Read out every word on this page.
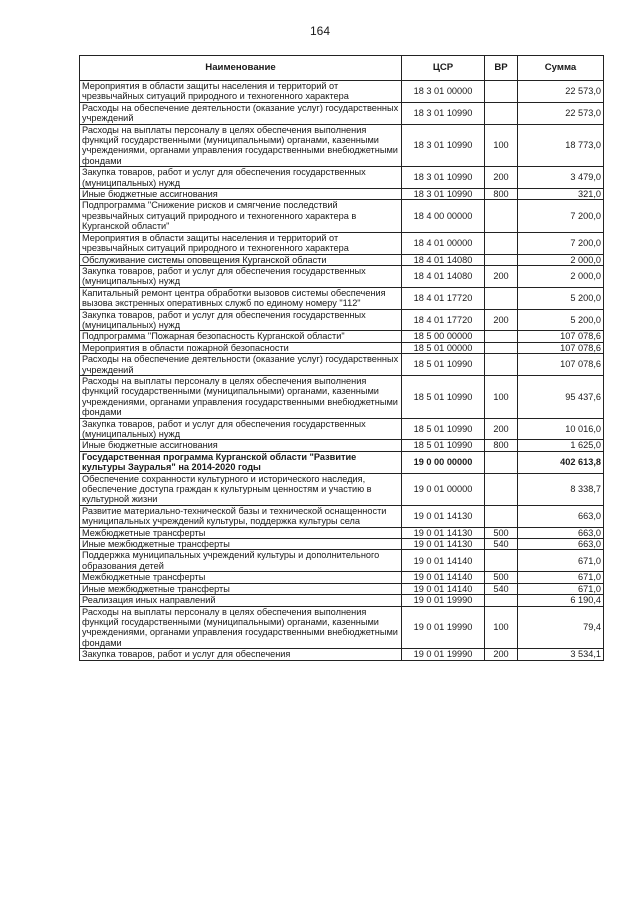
164
Наименование	ЦСР	ВР	Сумма
Мероприятия в области защиты населения и территорий от чрезвычайных ситуаций природного и техногенного характера	18 3 01 00000		22 573,0
Расходы на обеспечение деятельности (оказание услуг) государственных учреждений	18 3 01 10990		22 573,0
Расходы на выплаты персоналу в целях обеспечения выполнения функций государственными (муниципальными) органами, казенными учреждениями, органами управления государственными внебюджетными фондами	18 3 01 10990	100	18 773,0
Закупка товаров, работ и услуг для обеспечения государственных (муниципальных) нужд	18 3 01 10990	200	3 479,0
Иные бюджетные ассигнования	18 3 01 10990	800	321,0
Подпрограмма "Снижение рисков и смягчение последствий чрезвычайных ситуаций природного и техногенного характера в Курганской области"	18 4 00 00000		7 200,0
Мероприятия в области защиты населения и территорий от чрезвычайных ситуаций природного и техногенного характера	18 4 01 00000		7 200,0
Обслуживание системы оповещения Курганской области	18 4 01 14080		2 000,0
Закупка товаров, работ и услуг для обеспечения государственных (муниципальных) нужд	18 4 01 14080	200	2 000,0
Капитальный ремонт центра обработки вызовов системы обеспечения вызова экстренных оперативных служб по единому номеру "112"	18 4 01 17720		5 200,0
Закупка товаров, работ и услуг для обеспечения государственных (муниципальных) нужд	18 4 01 17720	200	5 200,0
Подпрограмма "Пожарная безопасность Курганской области"	18 5 00 00000		107 078,6
Мероприятия в области пожарной безопасности	18 5 01 00000		107 078,6
Расходы на обеспечение деятельности (оказание услуг) государственных учреждений	18 5 01 10990		107 078,6
Расходы на выплаты персоналу в целях обеспечения выполнения функций государственными (муниципальными) органами, казенными учреждениями, органами управления государственными внебюджетными фондами	18 5 01 10990	100	95 437,6
Закупка товаров, работ и услуг для обеспечения государственных (муниципальных) нужд	18 5 01 10990	200	10 016,0
Иные бюджетные ассигнования	18 5 01 10990	800	1 625,0
Государственная программа Курганской области "Развитие культуры Зауралья" на 2014-2020 годы	19 0 00 00000		402 613,8
Обеспечение сохранности культурного и исторического наследия, обеспечение доступа граждан к культурным ценностям и участию в культурной жизни	19 0 01 00000		8 338,7
Развитие материально-технической базы и технической оснащенности муниципальных учреждений культуры, поддержка культуры села	19 0 01 14130		663,0
Межбюджетные трансферты	19 0 01 14130	500	663,0
Иные межбюджетные трансферты	19 0 01 14130	540	663,0
Поддержка муниципальных учреждений культуры и дополнительного образования детей	19 0 01 14140		671,0
Межбюджетные трансферты	19 0 01 14140	500	671,0
Иные межбюджетные трансферты	19 0 01 14140	540	671,0
Реализация иных направлений	19 0 01 19990		6 190,4
Расходы на выплаты персоналу в целях обеспечения выполнения функций государственными (муниципальными) органами, казенными учреждениями, органами управления государственными внебюджетными фондами	19 0 01 19990	100	79,4
Закупка товаров, работ и услуг для обеспечения	19 0 01 19990	200	3 534,1
